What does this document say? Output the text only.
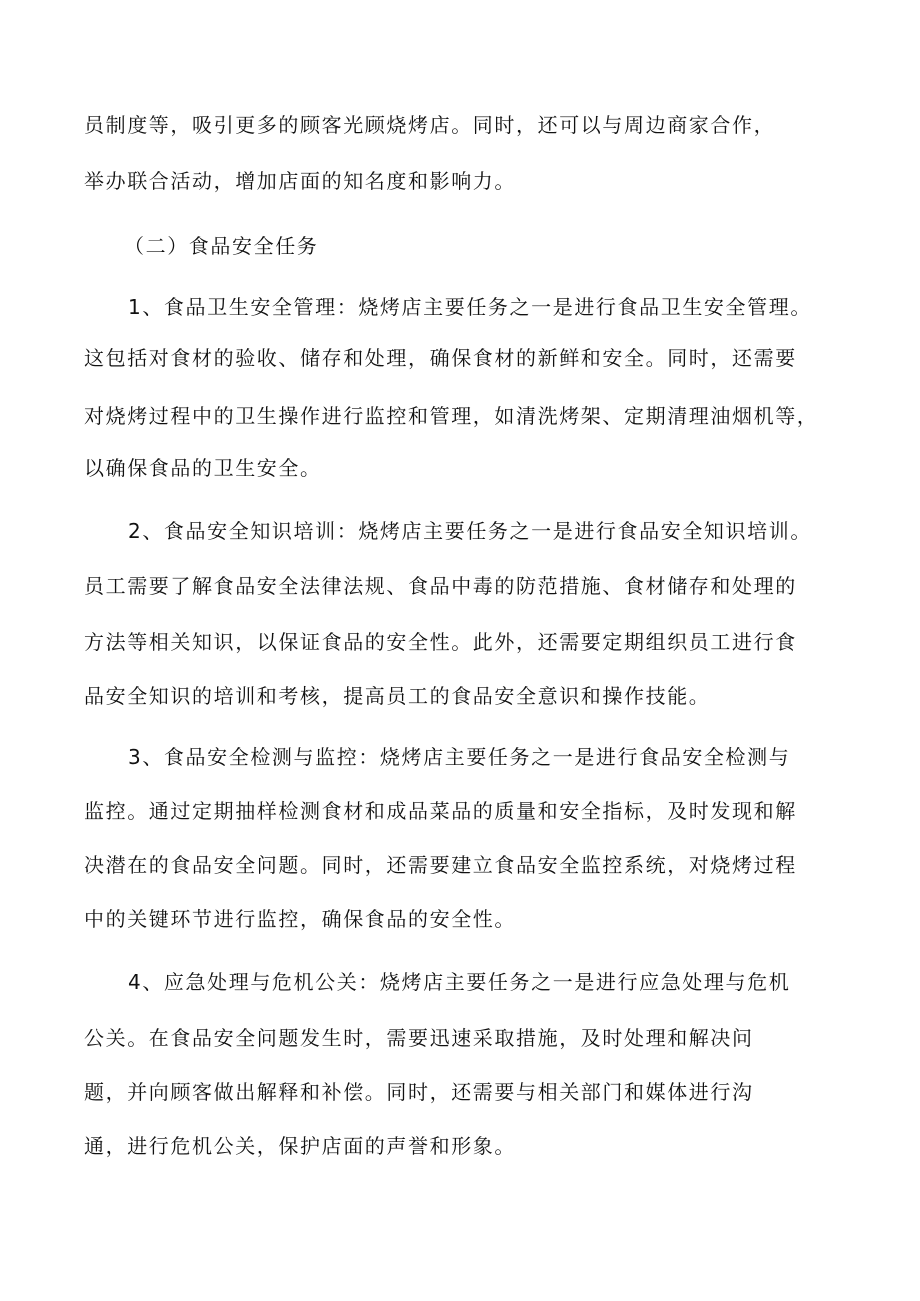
员制度等，吸引更多的顾客光顾烧烤店。同时，还可以与周边商家合作，

举办联合活动，增加店面的知名度和影响力。

（二）食品安全任务

1、食品卫生安全管理：烧烤店主要任务之一是进行食品卫生安全管理。

这包括对食材的验收、储存和处理，确保食材的新鲜和安全。同时，还需要

对烧烤过程中的卫生操作进行监控和管理，如清洗烤架、定期清理油烟机等，

以确保食品的卫生安全。

2、食品安全知识培训：烧烤店主要任务之一是进行食品安全知识培训。

员工需要了解食品安全法律法规、食品中毒的防范措施、食材储存和处理的

方法等相关知识，以保证食品的安全性。此外，还需要定期组织员工进行食

品安全知识的培训和考核，提高员工的食品安全意识和操作技能。

3、食品安全检测与监控：烧烤店主要任务之一是进行食品安全检测与

监控。通过定期抽样检测食材和成品菜品的质量和安全指标，及时发现和解

决潜在的食品安全问题。同时，还需要建立食品安全监控系统，对烧烤过程

中的关键环节进行监控，确保食品的安全性。

4、应急处理与危机公关：烧烤店主要任务之一是进行应急处理与危机

公关。在食品安全问题发生时，需要迅速采取措施，及时处理和解决问

题，并向顾客做出解释和补偿。同时，还需要与相关部门和媒体进行沟

通，进行危机公关，保护店面的声誉和形象。
